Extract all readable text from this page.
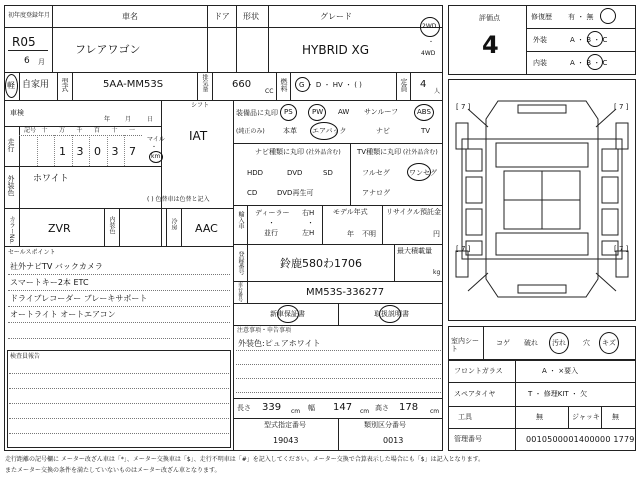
初年度登録年月	車名	ドア 形状	グレード
R05
6 月
フレアワゴン	HYBRID XG
2WD
・
4WD
軽 自家用 型式	5AA-MM53S	排気量 660
CC 燃料 G ・ D ・ HV ・ ( )	定員 4
人
車検
年 月	日
シフト
IAT
走行
記号 十 万 千 百 十 一
1 3 0 3 7
マイル
・
km
外装色 ホワイト
( ) 色替車は色替と記入
カラーNo.	ZVR	内装色	冷房 AAC
セールスポイント
社外ナビTV バックカメラ
スマートキー2本 ETC
ドライブレコーダー ブレーキサポート
オートライト オートエアコン
検査員報告
装備品に丸印
(純正のみ)
PS	PW AW サンルーフ	ABS
本革 エアバック	ナビ	TV
ナビ種類に丸印 (社外品含む)
HDD	DVD	SD
CD	DVD再生可
TV種類に丸印 (社外品含む)
フルセグ	ワンセグ
アナログ
輸入車 ディーラー 右H
・	・
並行	左H
モデル年式
年 不明
リサイクル預託金
円
登録番号	鈴鹿580わ1706
最大積載量
kg
車台番号	MM53S-336277
新車保証書	取扱説明書
注意事項・申告事項
外装色:ピュアホワイト
長さ 339 cm 幅 147 cm 高さ 178 cm
型式指定番号
19043
類別区分番号
0013
評価点
4
修復歴 有 ・ 無
外装	A ・ B ・ C
内装	A ・ B ・ C
[ 7 ]	[ 7 ]
[ 7 ]	[ 7 ]
室内シート
コゲ 破れ 汚れ 穴 キズ
フロントガラス	A ・ ×要入
スペアタイヤ	T ・ 修理KIT ・ 欠
工具	無	ジャッキ 無
管理番号	0010500001400000 1779
走行距離の記号欄に メーター改ざん車は「*」、メーター交換車は「$」、走行不明車は「#」を記入してください。メーター交換で合算表示した場合にも「$」は記入となります。
またメーター交換の条件を満たしていないものはメーター改ざん車となります。
